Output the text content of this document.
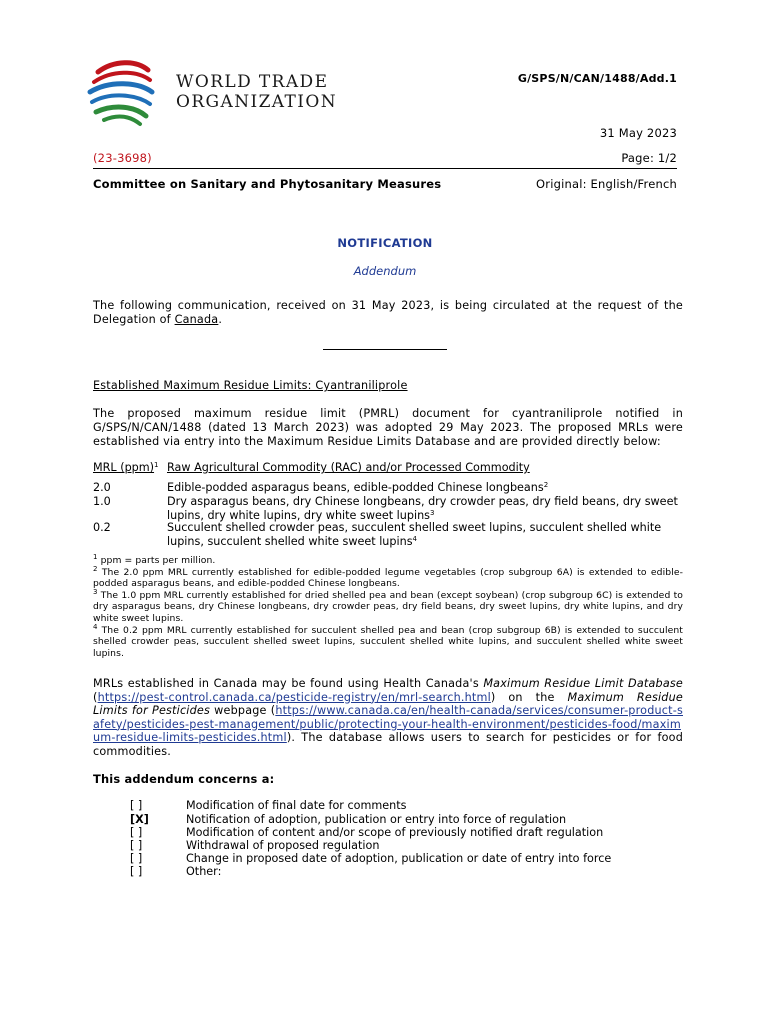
WORLD TRADE
ORGANIZATION
G/SPS/N/CAN/1488/Add.1
31 May 2023
(23-3698)	Page: 1/2
Committee on Sanitary and Phytosanitary Measures	Original: English/French
NOTIFICATION
Addendum
The following communication, received on 31 May 2023, is being circulated at the request of the Delegation of Canada.
Established Maximum Residue Limits: Cyantraniliprole
The proposed maximum residue limit (PMRL) document for cyantraniliprole notified in G/SPS/N/CAN/1488 (dated 13 March 2023) was adopted 29 May 2023. The proposed MRLs were established via entry into the Maximum Residue Limits Database and are provided directly below:
MRL (ppm)$^1$ Raw Agricultural Commodity (RAC) and/or Processed Commodity
2.0	Edible-podded asparagus beans, edible-podded Chinese longbeans$^2$
1.0	Dry asparagus beans, dry Chinese longbeans, dry crowder peas, dry field beans, dry sweet lupins, dry white lupins, dry white sweet lupins$^3$
0.2	Succulent shelled crowder peas, succulent shelled sweet lupins, succulent shelled white lupins, succulent shelled white sweet lupins$^4$
$^1$ ppm = parts per million.
$^2$ The 2.0 ppm MRL currently established for edible-podded legume vegetables (crop subgroup 6A) is extended to edible-podded asparagus beans, and edible-podded Chinese longbeans.
$^3$ The 1.0 ppm MRL currently established for dried shelled pea and bean (except soybean) (crop subgroup 6C) is extended to dry asparagus beans, dry Chinese longbeans, dry crowder peas, dry field beans, dry sweet lupins, dry white lupins, and dry white sweet lupins.
$^4$ The 0.2 ppm MRL currently established for succulent shelled pea and bean (crop subgroup 6B) is extended to succulent shelled crowder peas, succulent shelled sweet lupins, succulent shelled white lupins, and succulent shelled white sweet lupins.
MRLs established in Canada may be found using Health Canada's Maximum Residue Limit Database (https://pest-control.canada.ca/pesticide-registry/en/mrl-search.html) on the Maximum Residue Limits for Pesticides webpage (https://www.canada.ca/en/health-canada/services/consumer-product-safety/pesticides-pest-management/public/protecting-your-health-environment/pesticides-food/maximum-residue-limits-pesticides.html). The database allows users to search for pesticides or for food commodities.
This addendum concerns a:
[ ]	Modification of final date for comments
[X]	Notification of adoption, publication or entry into force of regulation
[ ]	Modification of content and/or scope of previously notified draft regulation
[ ]	Withdrawal of proposed regulation
[ ]	Change in proposed date of adoption, publication or date of entry into force
[ ]	Other:
